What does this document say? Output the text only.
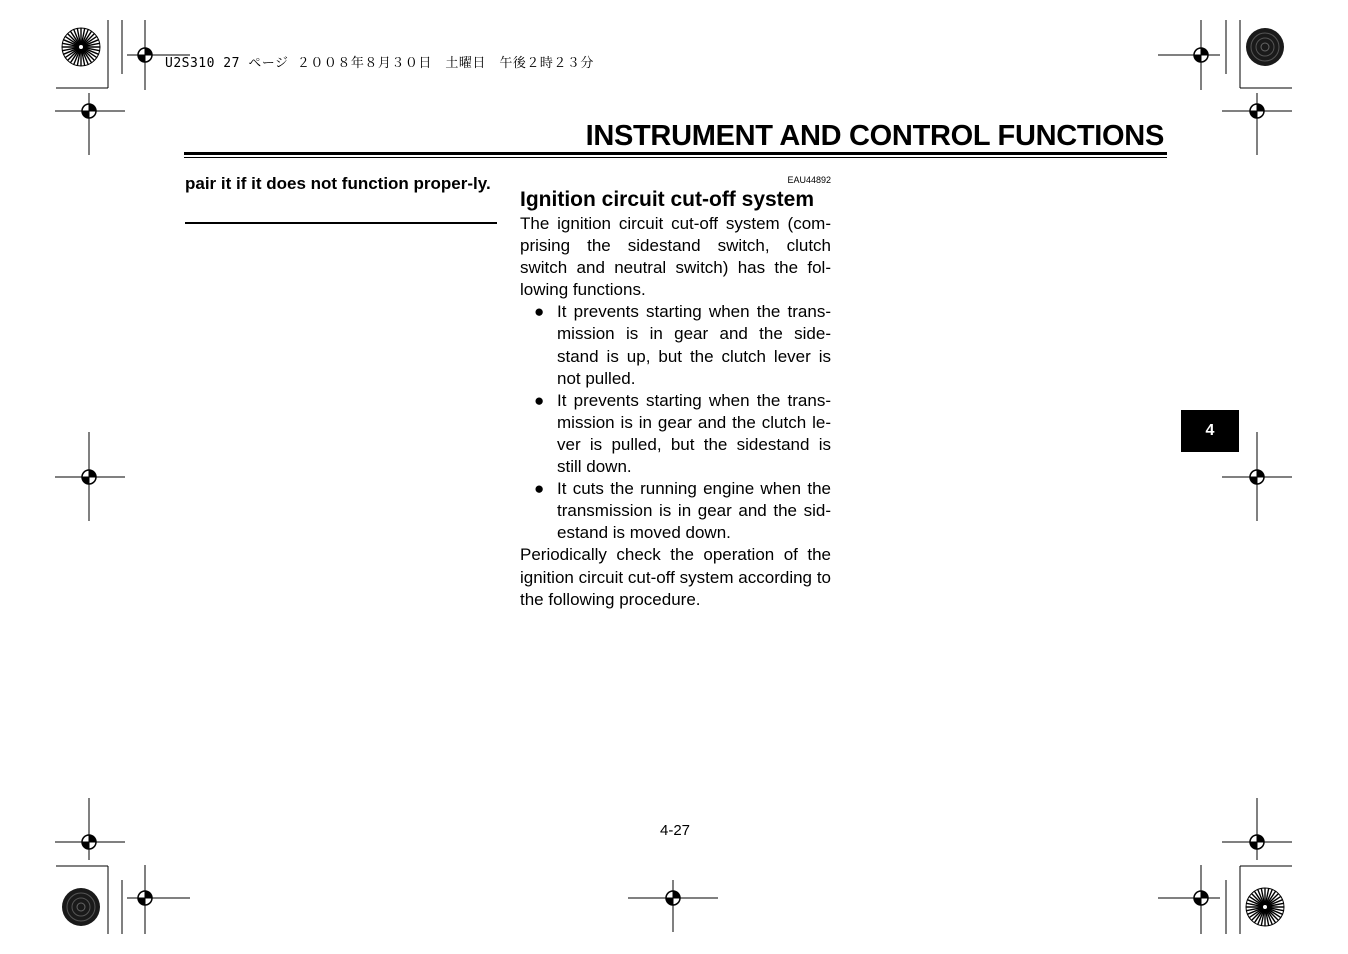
U2S310 27 ページ ２００８年８月３０日　土曜日　午後２時２３分
INSTRUMENT AND CONTROL FUNCTIONS
pair it if it does not function proper-ly.	EAU44892
Ignition circuit cut-off system

The ignition circuit cut-off system (com-prising the sidestand switch, clutch switch and neutral switch) has the fol-lowing functions.

● It prevents starting when the trans-mission is in gear and the side-stand is up, but the clutch lever is not pulled.
● It prevents starting when the trans-mission is in gear and the clutch le-ver is pulled, but the sidestand is still down.
● It cuts the running engine when the transmission is in gear and the sid-estand is moved down.

Periodically check the operation of the ignition circuit cut-off system according to the following procedure.

4
4-27
